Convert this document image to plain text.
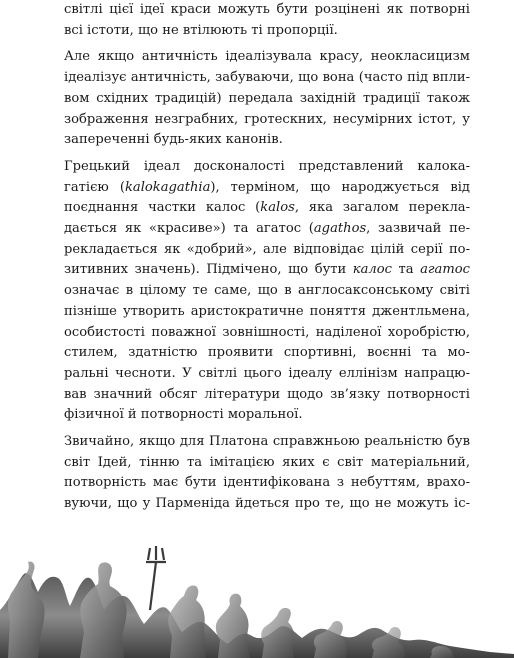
світлі цієї ідеї краси можуть бути розцінені як потворні
всі істоти, що не втілюють ті пропорції.

Але якщо античність ідеалізувала красу, неокласицизм
ідеалізує античність, забуваючи, що вона (часто під впли-
вом східних традицій) передала західній традиції також
зображення незграбних, гротескних, несумірних істот, у
запереченні будь-яких канонів.

Грецький ідеал досконалості представлений калока-
гатією (kalokagathia), терміном, що народжується від
поєднання частки калос (kalos, яка загалом перекла-
дається як «красиве») та агатос (agathos, зазвичай пе-
рекладається як «добрий», але відповідає цілій серії по-
зитивних значень). Підмічено, що бути калос та агатос
означає в цілому те саме, що в англосаксонському світі
пізніше утворить аристократичне поняття джентльмена,
особистості поважної зовнішності, наділеної хоробрістю,
стилем, здатністю проявити спортивні, воєнні та мо-
ральні чесноти. У світлі цього ідеалу еллінізм напрацю-
вав значний обсяг літератури щодо зв’язку потворності
фізичної й потворності моральної.

Звичайно, якщо для Платона справжньою реальністю був
світ Ідей, тінню та імітацією яких є світ матеріальний,
потворність має бути ідентифікована з небуттям, врахо-
вуючи, що у Парменіда йдеться про те, що не можуть іс-
